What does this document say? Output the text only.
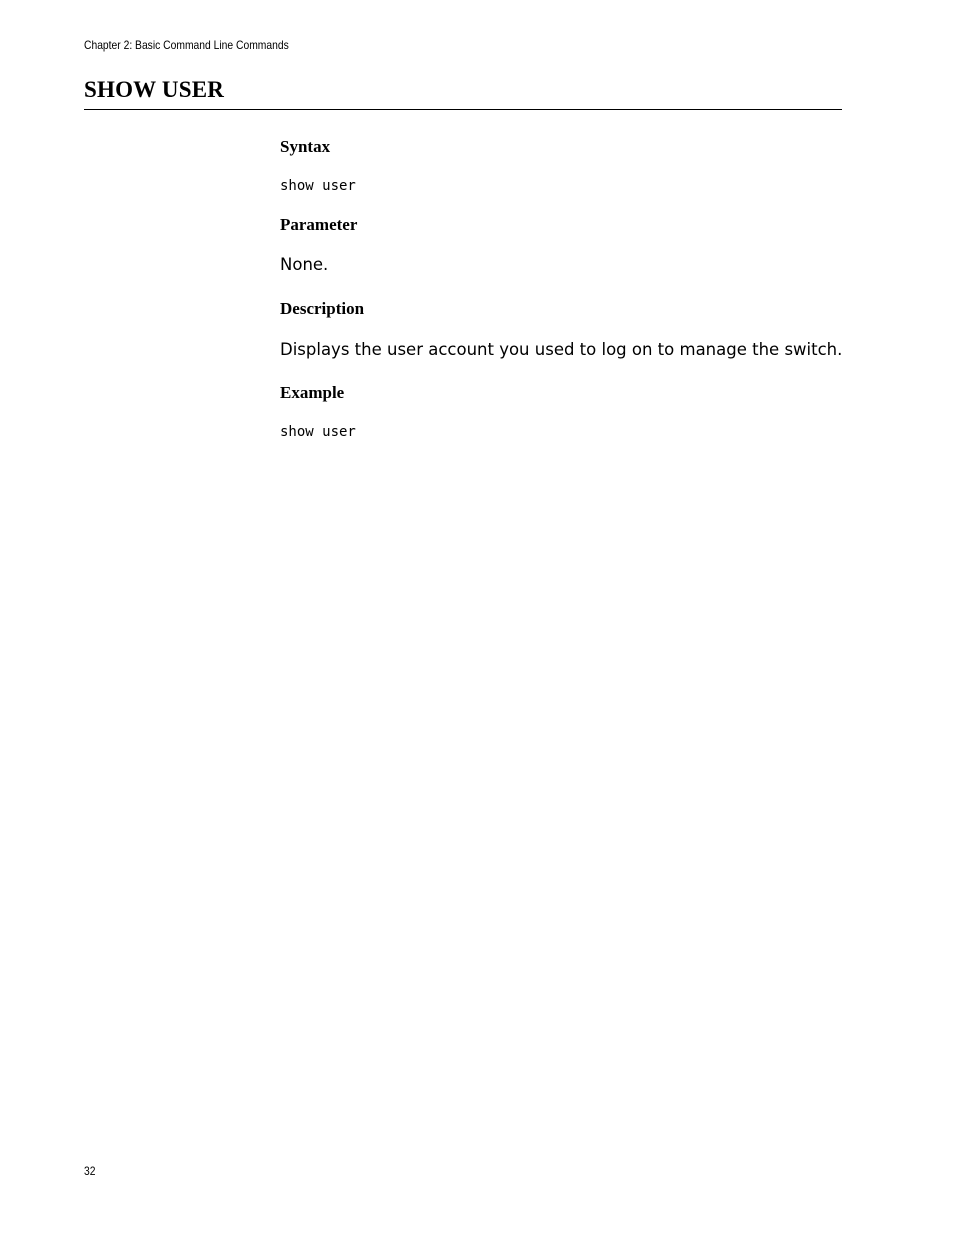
Chapter 2: Basic Command Line Commands
SHOW USER
Syntax
show user
Parameter

None.

Description

Displays the user account you used to log on to manage the switch.

Example
show user
32
